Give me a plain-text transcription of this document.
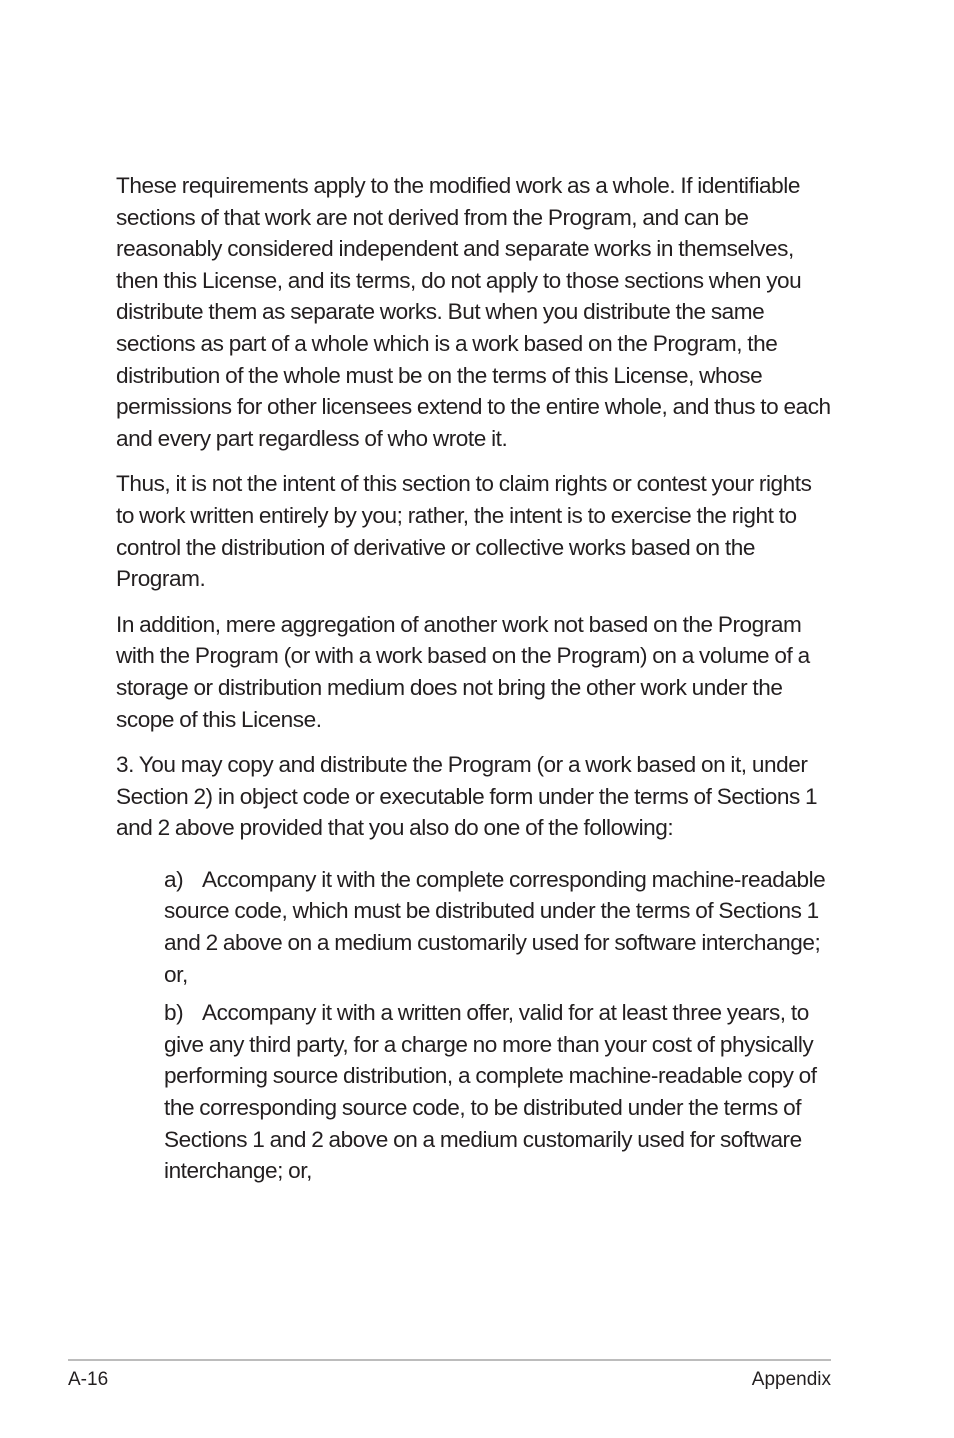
These requirements apply to the modified work as a whole. If identifiable sections of that work are not derived from the Program, and can be reasonably considered independent and separate works in themselves, then this License, and its terms, do not apply to those sections when you distribute them as separate works. But when you distribute the same sections as part of a whole which is a work based on the Program, the distribution of the whole must be on the terms of this License, whose permissions for other licensees extend to the entire whole, and thus to each and every part regardless of who wrote it.

Thus, it is not the intent of this section to claim rights or contest your rights to work written entirely by you; rather, the intent is to exercise the right to control the distribution of derivative or collective works based on the Program.

In addition, mere aggregation of another work not based on the Program with the Program (or with a work based on the Program) on a volume of a storage or distribution medium does not bring the other work under the scope of this License.

3. You may copy and distribute the Program (or a work based on it, under Section 2) in object code or executable form under the terms of Sections 1 and 2 above provided that you also do one of the following:

a) Accompany it with the complete corresponding machine-readable source code, which must be distributed under the terms of Sections 1 and 2 above on a medium customarily used for software interchange; or,

b) Accompany it with a written offer, valid for at least three years, to give any third party, for a charge no more than your cost of physically performing source distribution, a complete machine-readable copy of the corresponding source code, to be distributed under the terms of Sections 1 and 2 above on a medium customarily used for software interchange; or,

A-16	Appendix
